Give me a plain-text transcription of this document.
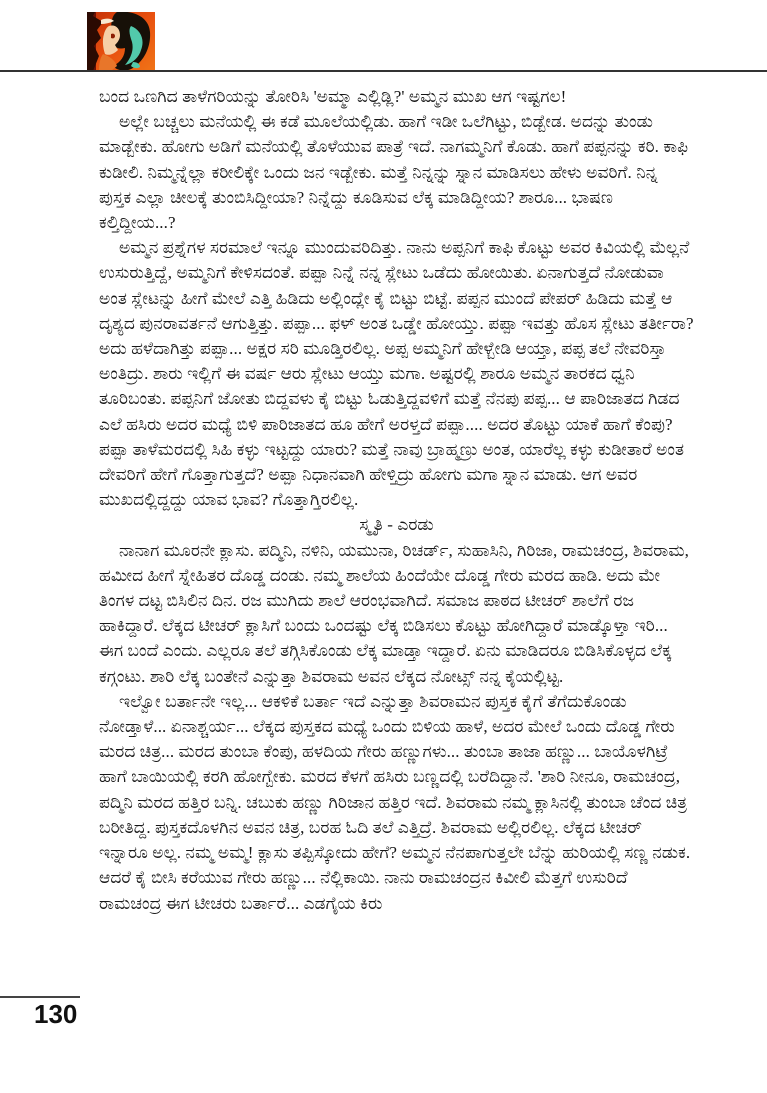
ಬಂದ ಒಣಗಿದ ತಾಳೆಗರಿಯನ್ನು ತೋರಿಸಿ 'ಅಮ್ಮಾ ಎಲ್ಲಿಡ್ಲಿ?' ಅಮ್ಮನ ಮುಖ ಆಗ ಇಷ್ಟಗಲ!

ಅಲ್ಲೇ ಬಚ್ಚಲು ಮನೆಯಲ್ಲಿ ಈ ಕಡೆ ಮೂಲೆಯಲ್ಲಿಡು. ಹಾಗೆ ಇಡೀ ಒಲೆಗಿಟ್ಟು, ಬಿಡ್ಬೇಡ. ಅದನ್ನು ತುಂಡು ಮಾಡ್ಬೇಕು. ಹೋಗು ಅಡಿಗೆ ಮನೆಯಲ್ಲಿ ತೊಳೆಯುವ ಪಾತ್ರೆ ಇದೆ. ನಾಗಮ್ಮನಿಗೆ ಕೊಡು. ಹಾಗೆ ಪಪ್ಪನನ್ನು ಕರಿ. ಕಾಫಿ ಕುಡೀಲಿ. ನಿಮ್ಮನ್ನೆಲ್ಲಾ ಕರೀಲಿಕ್ಕೇ ಒಂದು ಜನ ಇಡ್ಬೇಕು. ಮತ್ತೆ ನಿನ್ನನ್ನು ಸ್ನಾನ ಮಾಡಿಸಲು ಹೇಳು ಅವರಿಗೆ. ನಿನ್ನ ಪುಸ್ತಕ ಎಲ್ಲಾ ಚೀಲಕ್ಕೆ ತುಂಬಿಸಿದ್ದೀಯಾ? ನಿನ್ನೆದ್ದು ಕೂಡಿಸುವ ಲೆಕ್ಕ ಮಾಡಿದ್ದೀಯ? ಶಾರೂ... ಭಾಷಣ ಕಲ್ತಿದ್ದೀಯ...?

ಅಮ್ಮನ ಪ್ರಶ್ನೆಗಳ ಸರಮಾಲೆ ಇನ್ನೂ ಮುಂದುವರಿದಿತ್ತು. ನಾನು ಅಪ್ಪನಿಗೆ ಕಾಫಿ ಕೊಟ್ಟು ಅವರ ಕಿವಿಯಲ್ಲಿ ಮೆಲ್ಲನೆ ಉಸುರುತ್ತಿದ್ದೆ, ಅಮ್ಮನಿಗೆ ಕೇಳಿಸದಂತೆ. ಪಪ್ಪಾ ನಿನ್ನೆ ನನ್ನ ಸ್ಲೇಟು ಒಡೆದು ಹೋಯಿತು. ಏನಾಗುತ್ತದೆ ನೋಡುವಾ ಅಂತ ಸ್ಲೇಟನ್ನು ಹೀಗೆ ಮೇಲೆ ಎತ್ತಿ ಹಿಡಿದು ಅಲ್ಲಿಂದ್ಲೇ ಕೈ ಬಿಟ್ಟು ಬಿಟ್ಟೆ. ಪಪ್ಪನ ಮುಂದೆ ಪೇಪರ್ ಹಿಡಿದು ಮತ್ತೆ ಆ ದೃಶ್ಯದ ಪುನರಾವರ್ತನೆ ಆಗುತ್ತಿತ್ತು. ಪಪ್ಪಾ... ಫಳ್ ಅಂತ ಒಡ್ಡೇ ಹೋಯ್ತು. ಪಪ್ಪಾ ಇವತ್ತು ಹೊಸ ಸ್ಲೇಟು ತರ್ತೀರಾ? ಅದು ಹಳೆದಾಗಿತ್ತು ಪಪ್ಪಾ... ಅಕ್ಷರ ಸರಿ ಮೂಡ್ತಿರಲಿಲ್ಲ. ಅಪ್ಪ ಅಮ್ಮನಿಗೆ ಹೇಳ್ಬೇಡಿ ಆಯ್ತಾ, ಪಪ್ಪ ತಲೆ ನೇವರಿಸ್ತಾ ಅಂತಿದ್ರು. ಶಾರು ಇಲ್ಲಿಗೆ ಈ ವರ್ಷ ಆರು ಸ್ಲೇಟು ಆಯ್ತು ಮಗಾ. ಅಷ್ಟರಲ್ಲಿ ಶಾರೂ ಅಮ್ಮನ ತಾರಕದ ಧ್ವನಿ ತೂರಿಬಂತು. ಪಪ್ಪನಿಗೆ ಜೋತು ಬಿದ್ದವಳು ಕೈ ಬಿಟ್ಟು ಓಡುತ್ತಿದ್ದವಳಿಗೆ ಮತ್ತೆ ನೆನಪು ಪಪ್ಪ... ಆ ಪಾರಿಜಾತದ ಗಿಡದ ಎಲೆ ಹಸಿರು ಅದರ ಮಧ್ಯೆ ಬಿಳಿ ಪಾರಿಜಾತದ ಹೂ ಹೇಗೆ ಅರಳ್ತದೆ ಪಪ್ಪಾ.... ಅದರ ತೊಟ್ಟು ಯಾಕೆ ಹಾಗೆ ಕೆಂಪು? ಪಪ್ಪಾ ತಾಳೆಮರದಲ್ಲಿ ಸಿಹಿ ಕಳ್ಳು ಇಟ್ಟದ್ದು ಯಾರು? ಮತ್ತೆ ನಾವು ಬ್ರಾಹ್ಮಣ್ರು ಅಂತ, ಯಾರೆಲ್ಲ ಕಳ್ಳು ಕುಡೀತಾರೆ ಅಂತ ದೇವರಿಗೆ ಹೇಗೆ ಗೊತ್ತಾಗುತ್ತದೆ? ಅಪ್ಪಾ ನಿಧಾನವಾಗಿ ಹೇಳ್ತಿದ್ರು ಹೋಗು ಮಗಾ ಸ್ನಾನ ಮಾಡು. ಆಗ ಅವರ ಮುಖದಲ್ಲಿದ್ದದ್ದು ಯಾವ ಭಾವ? ಗೊತ್ತಾಗ್ತಿರಲಿಲ್ಲ.

ಸ್ಮೃತಿ - ಎರಡು

ನಾನಾಗ ಮೂರನೇ ಕ್ಲಾಸು. ಪದ್ಮಿನಿ, ನಳಿನಿ, ಯಮುನಾ, ರಿಚರ್ಡ್, ಸುಹಾಸಿನಿ, ಗಿರಿಜಾ, ರಾಮಚಂದ್ರ, ಶಿವರಾಮ, ಹಮೀದ ಹೀಗೆ ಸ್ನೇಹಿತರ ದೊಡ್ಡ ದಂಡು. ನಮ್ಮ ಶಾಲೆಯ ಹಿಂದೆಯೇ ದೊಡ್ಡ ಗೇರು ಮರದ ಹಾಡಿ. ಅದು ಮೇ ತಿಂಗಳ ದಟ್ಟ ಬಿಸಿಲಿನ ದಿನ. ರಜ ಮುಗಿದು ಶಾಲೆ ಆರಂಭವಾಗಿದೆ. ಸಮಾಜ ಪಾಠದ ಟೀಚರ್ ಶಾಲೆಗೆ ರಜ ಹಾಕಿದ್ದಾರೆ. ಲೆಕ್ಕದ ಟೀಚರ್ ಕ್ಲಾಸಿಗೆ ಬಂದು ಒಂದಷ್ಟು ಲೆಕ್ಕ ಬಿಡಿಸಲು ಕೊಟ್ಟು ಹೋಗಿದ್ದಾರೆ ಮಾಡ್ಕೊಳ್ತಾ ಇರಿ... ಈಗ ಬಂದೆ ಎಂದು. ಎಲ್ಲರೂ ತಲೆ ತಗ್ಗಿಸಿಕೊಂಡು ಲೆಕ್ಕ ಮಾಡ್ತಾ ಇದ್ದಾರೆ. ಏನು ಮಾಡಿದರೂ ಬಿಡಿಸಿಕೊಳ್ಳದ ಲೆಕ್ಕ ಕಗ್ಗಂಟು. ಶಾರಿ ಲೆಕ್ಕ ಬಂತೇನೆ ಎನ್ನುತ್ತಾ ಶಿವರಾಮ ಅವನ ಲೆಕ್ಕದ ನೋಟ್ಸ್ ನನ್ನ ಕೈಯಲ್ಲಿಟ್ಟ.

ಇಲ್ವೋ ಬರ್ತಾನೇ ಇಲ್ಲ... ಆಕಳಿಕೆ ಬರ್ತಾ ಇದೆ ಎನ್ನುತ್ತಾ ಶಿವರಾಮನ ಪುಸ್ತಕ ಕೈಗೆ ತೆಗೆದುಕೊಂಡು ನೋಡ್ತಾಳೆ... ಏನಾಶ್ಚರ್ಯ... ಲೆಕ್ಕದ ಪುಸ್ತಕದ ಮಧ್ಯೆ ಒಂದು ಬಿಳಿಯ ಹಾಳೆ, ಅದರ ಮೇಲೆ ಒಂದು ದೊಡ್ಡ ಗೇರು ಮರದ ಚಿತ್ರ... ಮರದ ತುಂಬಾ ಕೆಂಪು, ಹಳದಿಯ ಗೇರು ಹಣ್ಣುಗಳು... ತುಂಬಾ ತಾಜಾ ಹಣ್ಣು... ಬಾಯೊಳಗಿಟ್ರೆ ಹಾಗೆ ಬಾಯಿಯಲ್ಲಿ ಕರಗಿ ಹೋಗ್ಬೇಕು. ಮರದ ಕೆಳಗೆ ಹಸಿರು ಬಣ್ಣದಲ್ಲಿ ಬರೆದಿದ್ದಾನೆ. 'ಶಾರಿ ನೀನೂ, ರಾಮಚಂದ್ರ, ಪದ್ಮಿನಿ ಮರದ ಹತ್ತಿರ ಬನ್ನಿ. ಚಬುಕು ಹಣ್ಣು ಗಿರಿಜಾನ ಹತ್ತಿರ ಇದೆ. ಶಿವರಾಮ ನಮ್ಮ ಕ್ಲಾಸಿನಲ್ಲಿ ತುಂಬಾ ಚೆಂದ ಚಿತ್ರ ಬರೀತಿದ್ದ. ಪುಸ್ತಕದೊಳಗಿನ ಅವನ ಚಿತ್ರ, ಬರಹ ಓದಿ ತಲೆ ಎತ್ತಿದ್ರೆ. ಶಿವರಾಮ ಅಲ್ಲಿರಲಿಲ್ಲ. ಲೆಕ್ಕದ ಟೀಚರ್ ಇನ್ನಾರೂ ಅಲ್ಲ. ನಮ್ಮ ಅಮ್ಮ! ಕ್ಲಾಸು ತಪ್ಪಿಸ್ಕೋದು ಹೇಗೆ? ಅಮ್ಮನ ನೆನಪಾಗುತ್ತಲೇ ಬೆನ್ನು ಹುರಿಯಲ್ಲಿ ಸಣ್ಣ ನಡುಕ. ಆದರೆ ಕೈ ಬೀಸಿ ಕರೆಯುವ ಗೇರು ಹಣ್ಣು... ನೆಲ್ಲಿಕಾಯಿ. ನಾನು ರಾಮಚಂದ್ರನ ಕಿವೀಲಿ ಮೆತ್ತಗೆ ಉಸುರಿದೆ ರಾಮಚಂದ್ರ ಈಗ ಟೀಚರು ಬರ್ತಾರೆ... ಎಡಗೈಯ ಕಿರು

130
